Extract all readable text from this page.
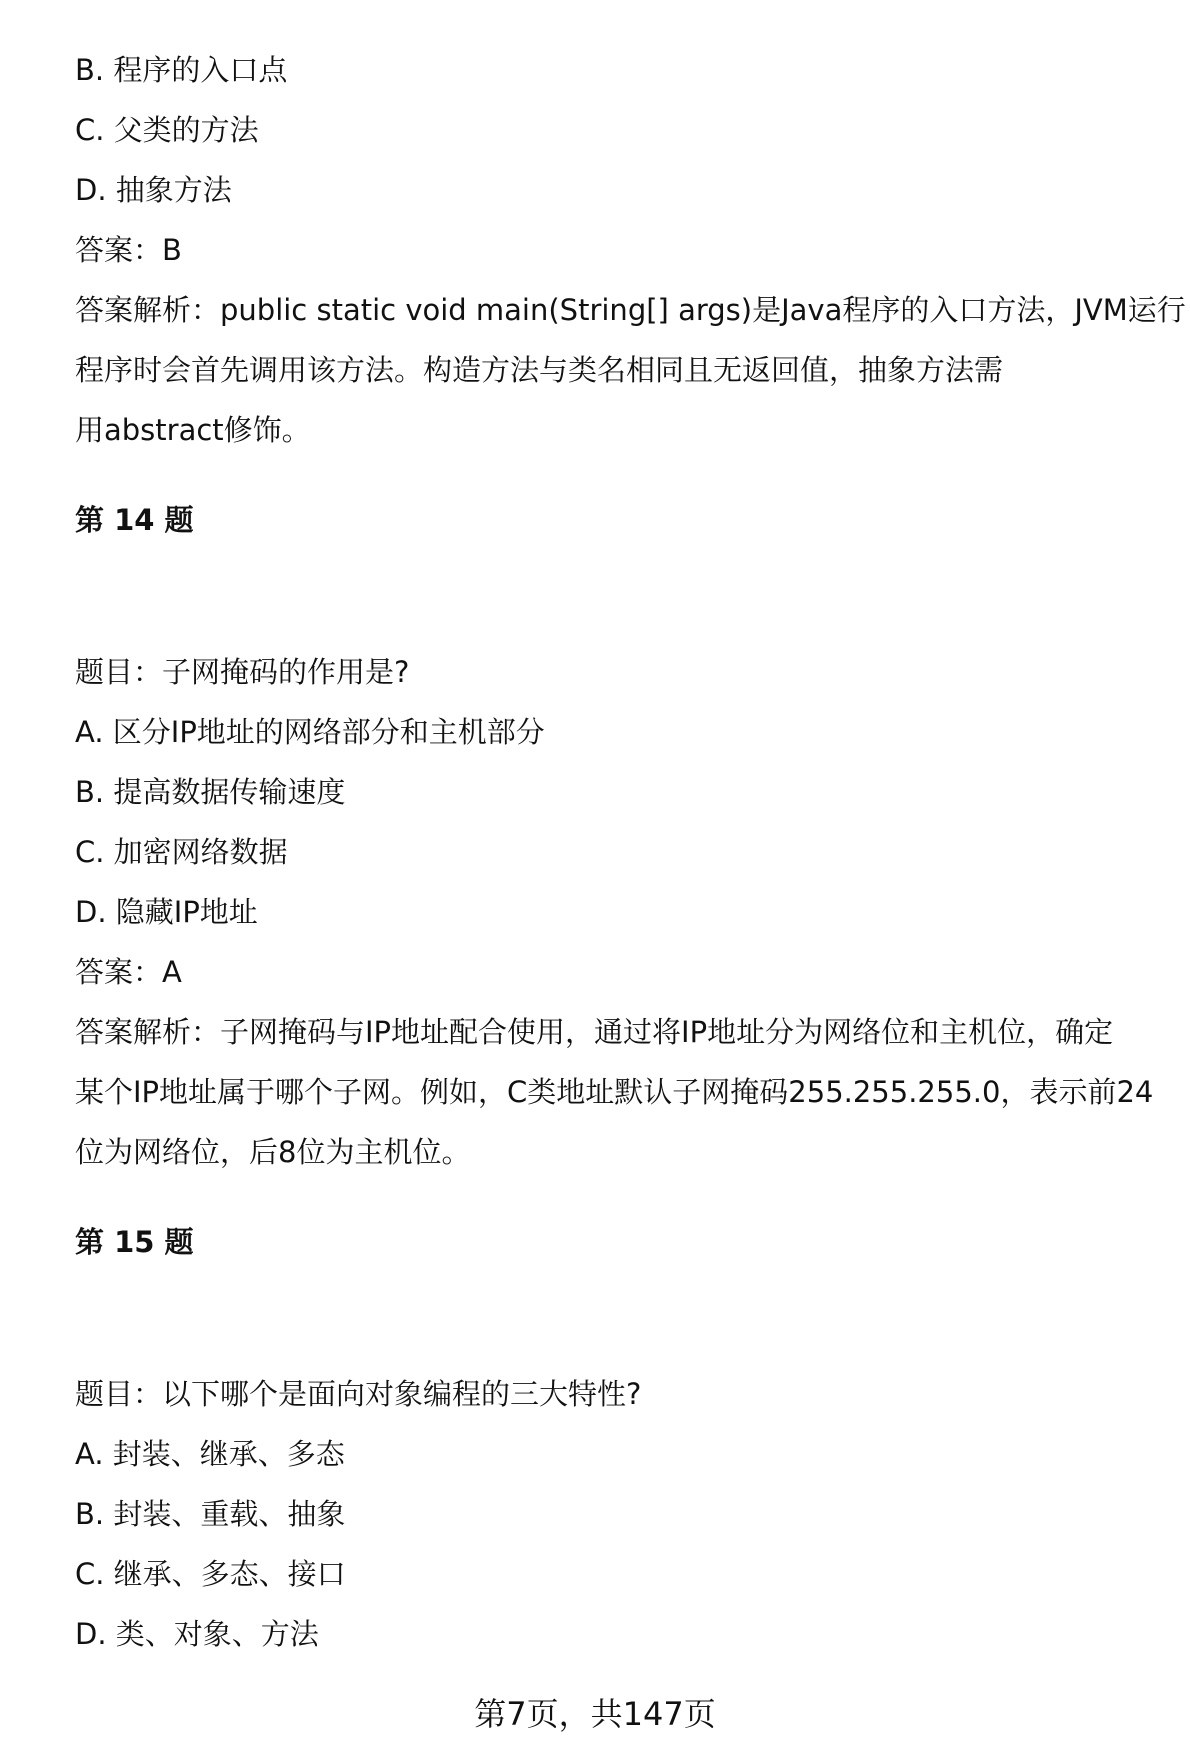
B. 程序的入口点
C. 父类的方法
D. 抽象方法
答案：B
答案解析：public static void main(String[] args)是Java程序的入口方法，JVM运行
程序时会首先调用该方法。构造方法与类名相同且无返回值，抽象方法需
用abstract修饰。
第 14 题
题目：子网掩码的作用是?
A. 区分IP地址的网络部分和主机部分
B. 提高数据传输速度
C. 加密网络数据
D. 隐藏IP地址
答案：A
答案解析：子网掩码与IP地址配合使用，通过将IP地址分为网络位和主机位，确定
某个IP地址属于哪个子网。例如，C类地址默认子网掩码255.255.255.0，表示前24
位为网络位，后8位为主机位。
第 15 题
题目：以下哪个是面向对象编程的三大特性?
A. 封装、继承、多态
B. 封装、重载、抽象
C. 继承、多态、接口
D. 类、对象、方法
第7页，共147页
